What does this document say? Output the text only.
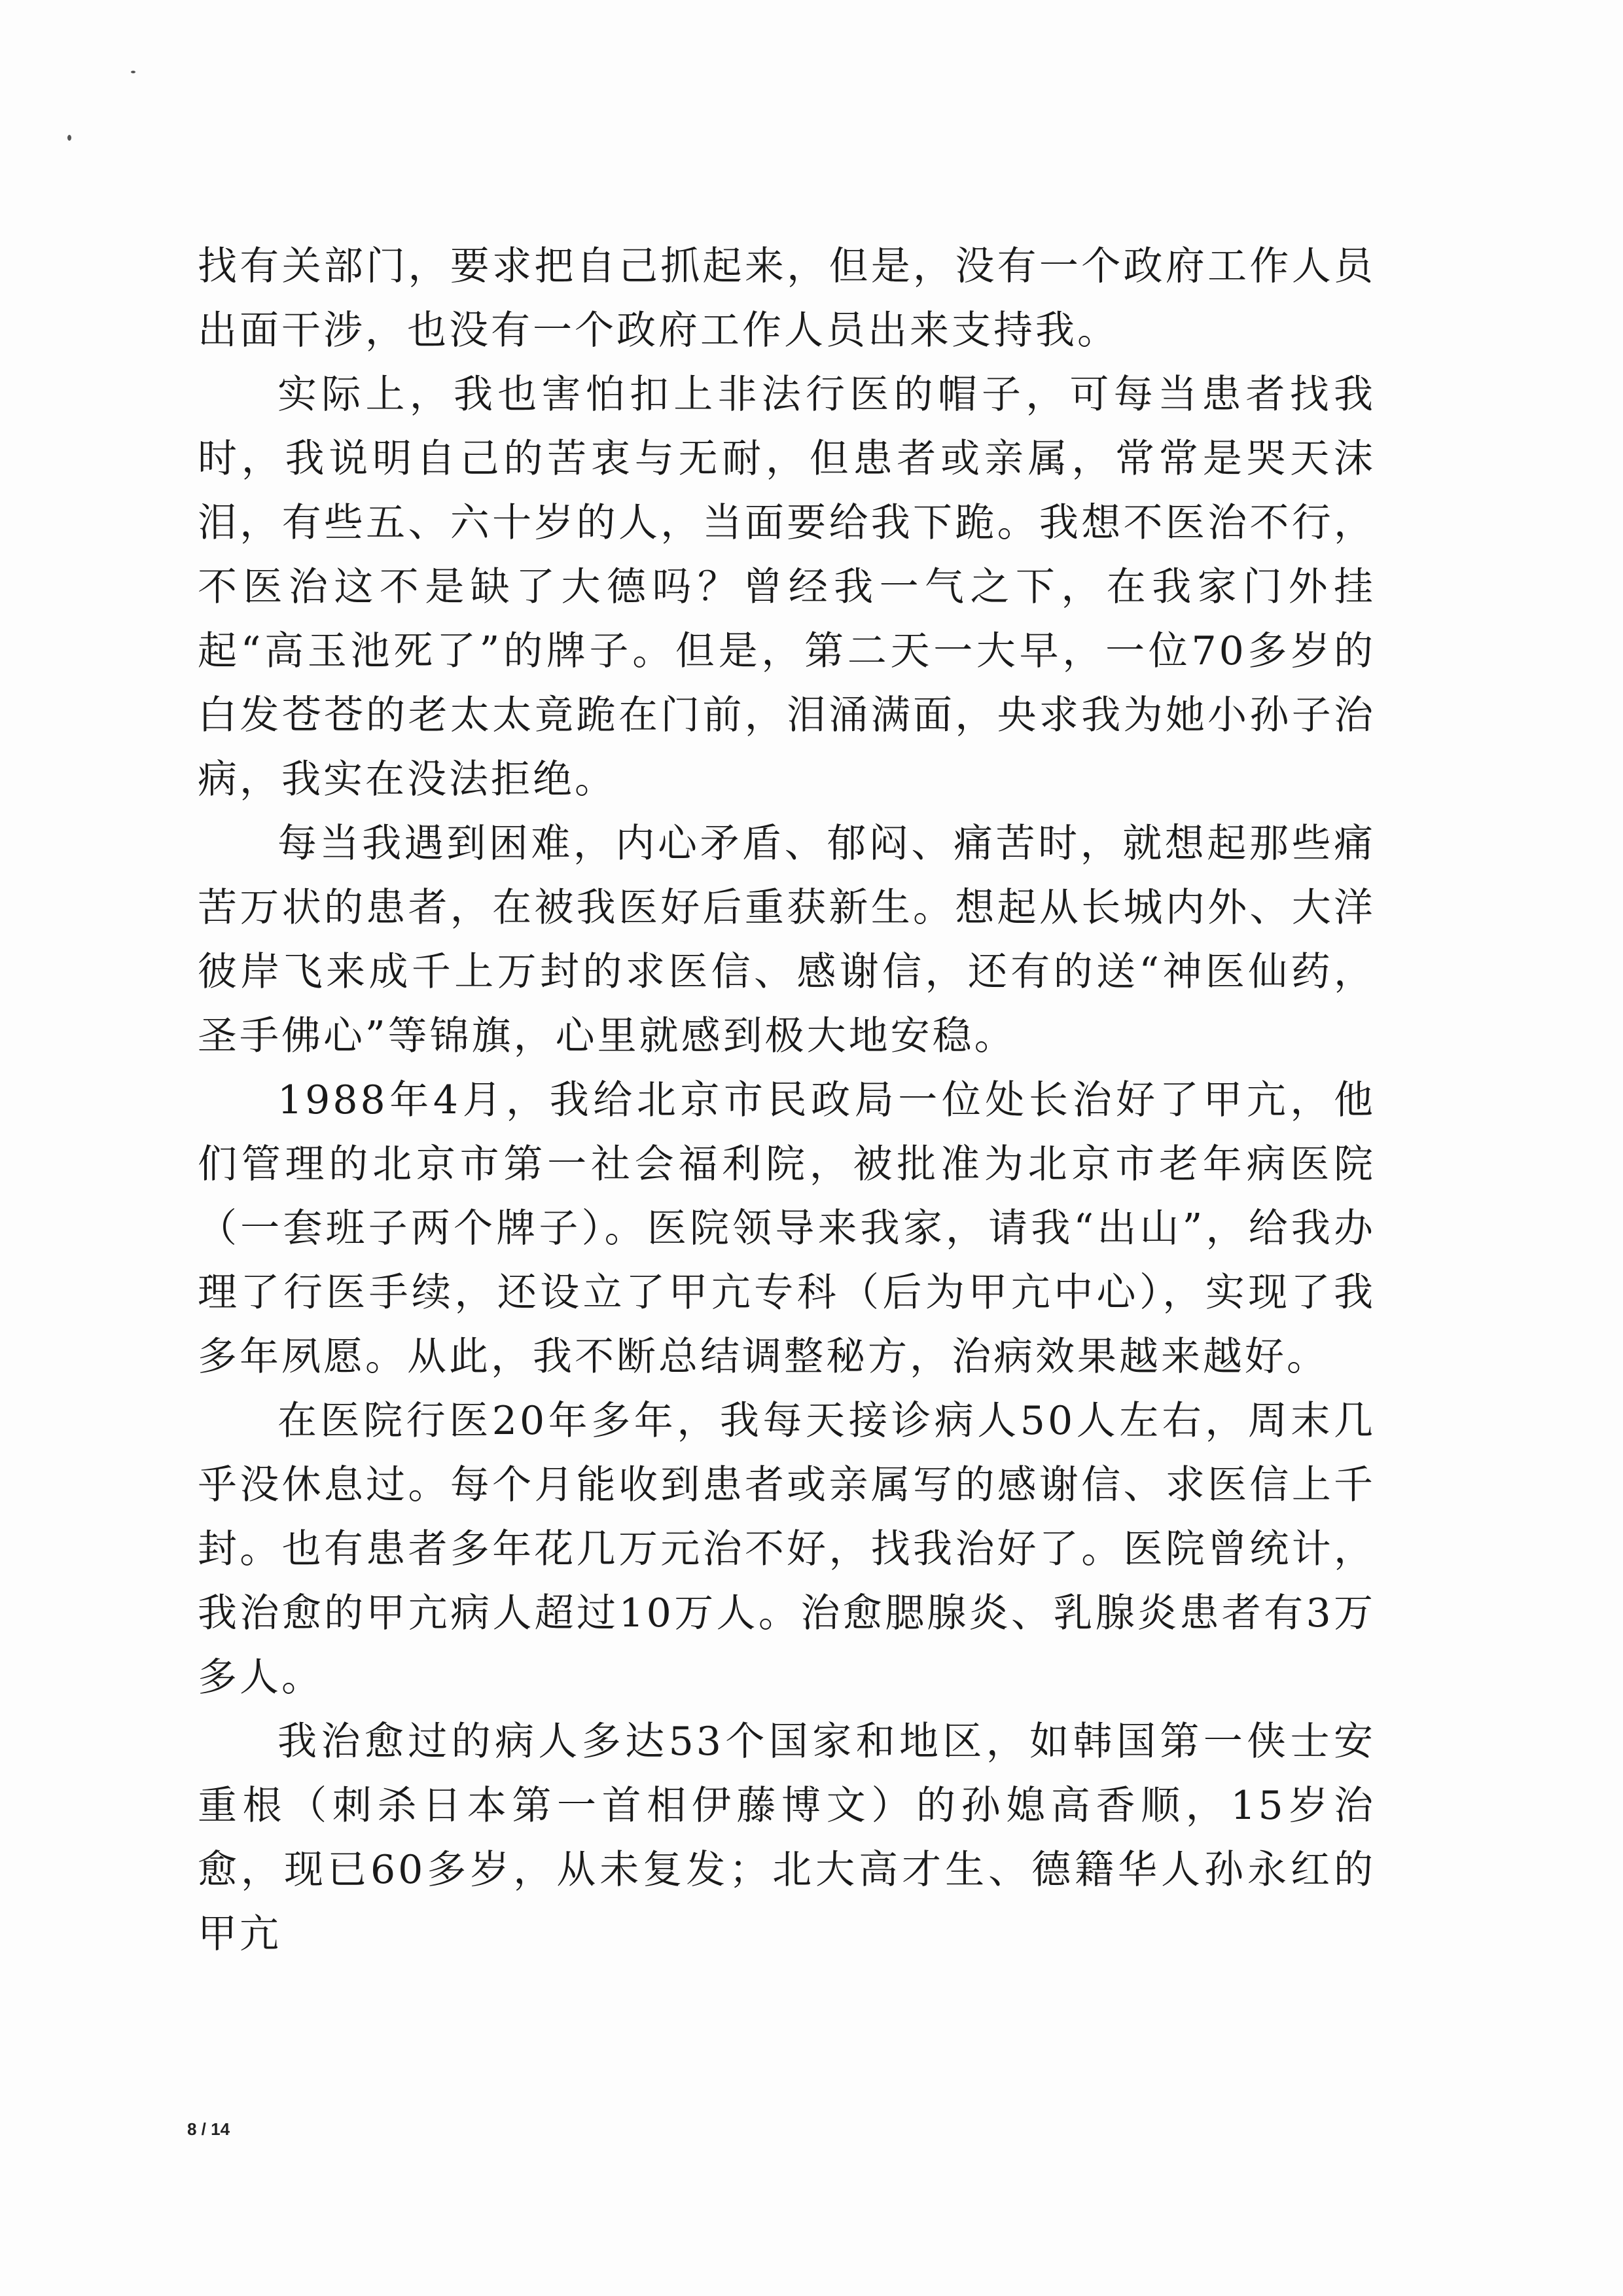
找有关部门，要求把自己抓起来，但是，没有一个政府工作人员出面干涉，也没有一个政府工作人员出来支持我。

实际上，我也害怕扣上非法行医的帽子，可每当患者找我时，我说明自己的苦衷与无耐，但患者或亲属，常常是哭天沫泪，有些五、六十岁的人，当面要给我下跪。我想不医治不行，不医治这不是缺了大德吗？曾经我一气之下，在我家门外挂起“高玉池死了”的牌子。但是，第二天一大早，一位70多岁的白发苍苍的老太太竟跪在门前，泪涌满面，央求我为她小孙子治病，我实在没法拒绝。

每当我遇到困难，内心矛盾、郁闷、痛苦时，就想起那些痛苦万状的患者，在被我医好后重获新生。想起从长城内外、大洋彼岸飞来成千上万封的求医信、感谢信，还有的送“神医仙药，圣手佛心”等锦旗，心里就感到极大地安稳。

1988年4月，我给北京市民政局一位处长治好了甲亢，他们管理的北京市第一社会福利院，被批准为北京市老年病医院（一套班子两个牌子）。医院领导来我家，请我“出山”，给我办理了行医手续，还设立了甲亢专科（后为甲亢中心），实现了我多年夙愿。从此，我不断总结调整秘方，治病效果越来越好。

在医院行医20年多年，我每天接诊病人50人左右，周末几乎没休息过。每个月能收到患者或亲属写的感谢信、求医信上千封。也有患者多年花几万元治不好，找我治好了。医院曾统计，我治愈的甲亢病人超过10万人。治愈腮腺炎、乳腺炎患者有3万多人。

我治愈过的病人多达53个国家和地区，如韩国第一侠士安重根（刺杀日本第一首相伊藤博文）的孙媳高香顺，15岁治愈，现已60多岁，从未复发；北大高才生、德籍华人孙永红的甲亢

8 / 14
